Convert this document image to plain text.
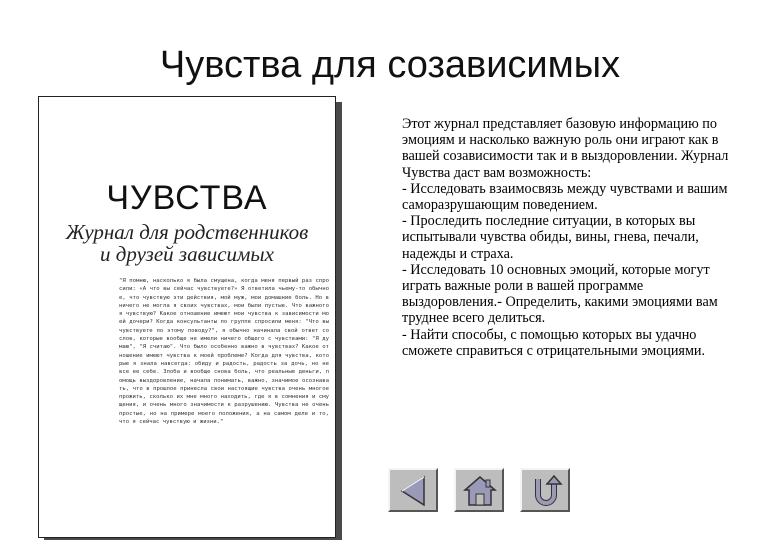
Чувства для созависимых
ЧУВСТВА
Журнал для родственников
и друзей зависимых
"Я помню, насколько я была смущена, когда меня первый раз спросили: «А что вы сейчас чувствуете?» Я ответила чьему-то обычное, что чувствую эти действия, мой муж, мои домашние боль. Но в ничего не могла я своих чувствах, мои были пустые. Что важного я чувствую? Какое отношение имеют мои чувства к зависимости моей дочери? Когда консультанты по группе спросили меня: "Что вы чувствуете по этому поводу?", я обычно начинала свой ответ со слов, которые вообще не имели ничего общего с чувствами: "Я думаю", "Я считаю". Что было особенно важно в чувствах? Какое отношение имеют чувства к моей проблеме? Когда для чувства, которые я знала навсегда: обиду и радость, радость за дочь, но не все ее себе. Злоба и вообще снова боль, что реальные деньги, помощь выздоровление, начала понимать, важно, значимое осознавать, что в прошлое принесла свои настоящие чувства очень многое прожить, сколько их мне много находить, где я в сомнения и смущения, и очень много значимости к разрушению. Чувства не очень простые, но на примере моего положения, а на самом деле и то, что я сейчас чувствую и жизни."

Этот журнал представляет базовую информацию по эмоциям и насколько важную роль они играют как в вашей созависимости так и в выздоровлении. Журнал Чувства даст вам возможность:

- Исследовать взаимосвязь между чувствами и вашим саморазрушающим поведением.

- Проследить последние ситуации, в которых вы испытывали чувства обиды, вины, гнева, печали, надежды и страха.

- Исследовать 10 основных эмоций, которые могут играть важные роли в вашей программе выздоровления.- Определить, какими эмоциями вам труднее всего делиться.

- Найти способы, с помощью которых вы удачно сможете справиться с отрицательными эмоциями.
